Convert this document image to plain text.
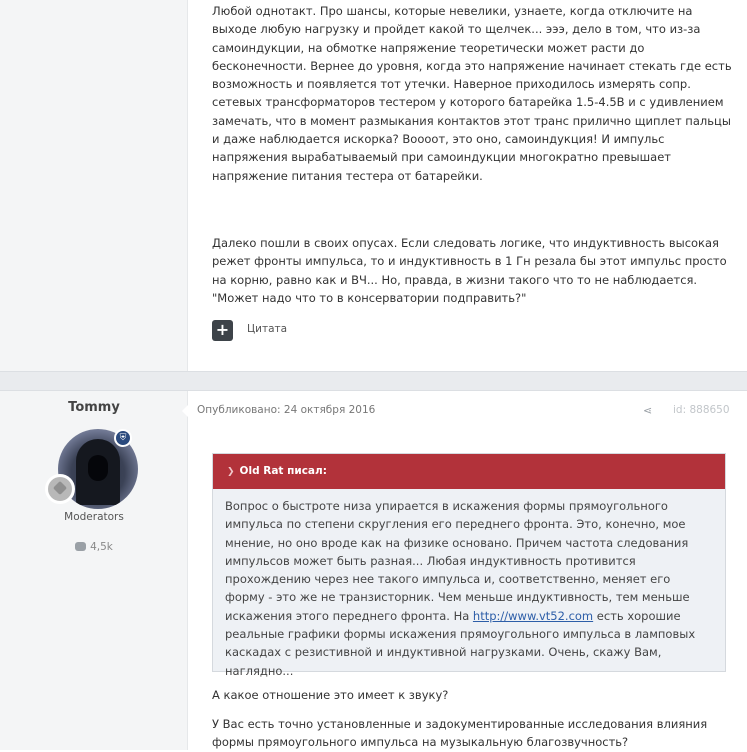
Любой однотакт. Про шансы, которые невелики, узнаете, когда отключите на выходе любую нагрузку и пройдет какой то щелчек... эээ, дело в том, что из-за самоиндукции, на обмотке напряжение теоретически может расти до бесконечности. Вернее до уровня, когда это напряжение начинает стекать где есть возможность и появляется тот утечки. Наверное приходилось измерять сопр. сетевых трансформаторов тестером у которого батарейка 1.5-4.5В и с удивлением замечать, что в момент размыкания контактов этот транс прилично щиплет пальцы и даже наблюдается искорка? Воооот, это оно, самоиндукция! И импульс напряжения вырабатываемый при самоиндукции многократно превышает напряжение питания тестера от батарейки.

Далеко пошли в своих опусах. Если следовать логике, что индуктивность высокая режет фронты импульса, то и индуктивность в 1 Гн резала бы этот импульс просто на корню, равно как и ВЧ... Но, правда, в жизни такого что то не наблюдается. "Может надо что то в консерватории подправить?"

+	Цитата
Tommy
⛨
Moderators
4,5k
Опубликовано: 24 октября 2016	⋖ id: 888650
❯ Old Rat писал:
Вопрос о быстроте низа упирается в искажения формы прямоугольного импульса по степени скругления его переднего фронта. Это, конечно, мое мнение, но оно вроде как на физике основано. Причем частота следования импульсов может быть разная... Любая индуктивность противится прохождению через нее такого импульса и, соответственно, меняет его форму - это же не транзисторник. Чем меньше индуктивность, тем меньше искажения этого переднего фронта. На http://www.vt52.com есть хорошие реальные графики формы искажения прямоугольного импульса в ламповых каскадах с резистивной и индуктивной нагрузками. Очень, скажу Вам, наглядно...

А какое отношение это имеет к звуку?

У Вас есть точно установленные и задокументированные исследования влияния формы прямоугольного импульса на музыкальную благозвучность?
